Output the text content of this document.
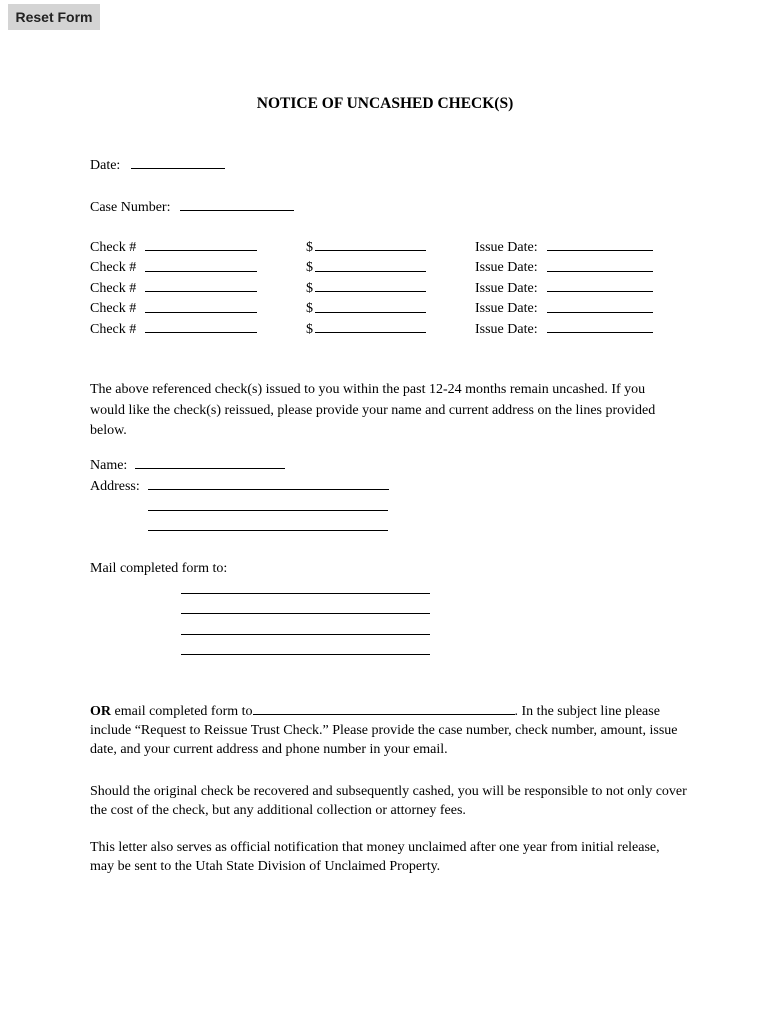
Reset Form
NOTICE OF UNCASHED CHECK(S)
Date:
Case Number:
Check #	$	Issue Date:
Check #	$	Issue Date:
Check #	$	Issue Date:
Check #	$	Issue Date:
Check #	$	Issue Date:
The above referenced check(s) issued to you within the past 12-24 months remain uncashed. If you would like the check(s) reissued, please provide your name and current address on the lines provided below.
Name:
Address:
Mail completed form to:
OR email completed form to	. In the subject line please include “Request to Reissue Trust Check.” Please provide the case number, check number, amount, issue date, and your current address and phone number in your email.
Should the original check be recovered and subsequently cashed, you will be responsible to not only cover the cost of the check, but any additional collection or attorney fees.
This letter also serves as official notification that money unclaimed after one year from initial release, may be sent to the Utah State Division of Unclaimed Property.
